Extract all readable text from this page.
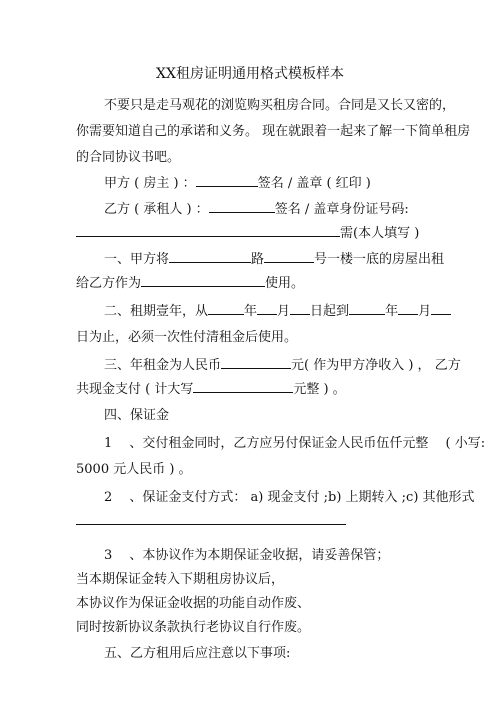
XX租房证明通用格式模板样本
不要只是走马观花的浏览购买租房合同。合同是又长又密的，
你需要知道自己的承诺和义务。 现在就跟着一起来了解一下简单租房
的合同协议书吧。
甲方 ( 房主 ) ：	签名 / 盖章 ( 红印 )
乙方 ( 承租人 ) ：	签名 / 盖章身份证号码:
需(本人填写 )
一、甲方将	路	号一楼一底的房屋出租
给乙方作为	使用。
二、租期壹年，从	年 月 日起到	年 月
日为止，必须一次性付清租金后使用。
三、年租金为人民币	元( 作为甲方净收入 ) ， 乙方
共现金支付 ( 计大写	元整 ) 。
四、保证金
1　 、交付租金同时，乙方应另付保证金人民币伍仟元整　 ( 小写:
5000 元人民币 ) 。
2　 、保证金支付方式： a) 现金支付 ;b) 上期转入 ;c) 其他形式
3　 、本协议作为本期保证金收据，请妥善保管；
当本期保证金转入下期租房协议后，
本协议作为保证金收据的功能自动作废、
同时按新协议条款执行老协议自行作废。
五、乙方租用后应注意以下事项:
